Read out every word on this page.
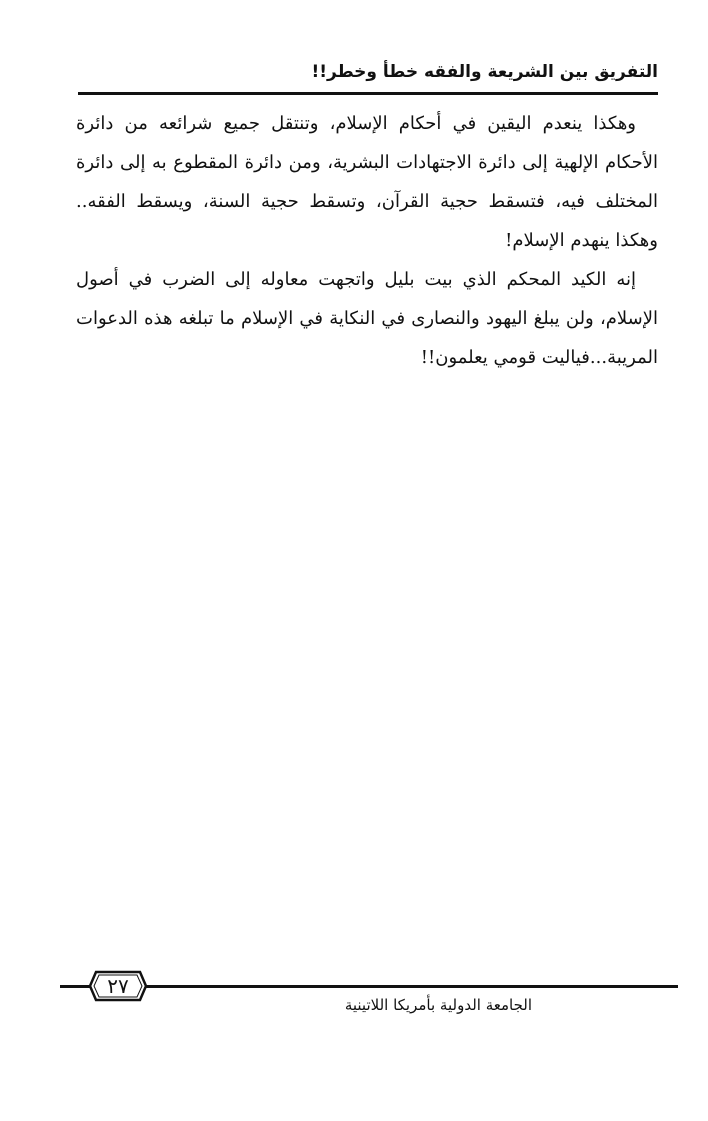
التفريق بين الشريعة والفقه خطأ وخطر!!

وهكذا ينعدم اليقين في أحكام الإسلام، وتنتقل جميع شرائعه من دائرة الأحكام الإلهية إلى دائرة الاجتهادات البشرية، ومن دائرة المقطوع به إلى دائرة المختلف فيه، فتسقط حجية القرآن، وتسقط حجية السنة، ويسقط الفقه.. وهكذا ينهدم الإسلام!

إنه الكيد المحكم الذي بيت بليل واتجهت معاوله إلى الضرب في أصول الإسلام، ولن يبلغ اليهود والنصارى في النكاية في الإسلام ما تبلغه هذه الدعوات المريبة...فياليت قومي يعلمون!!

٢٧
الجامعة الدولية بأمريكا اللاتينية
